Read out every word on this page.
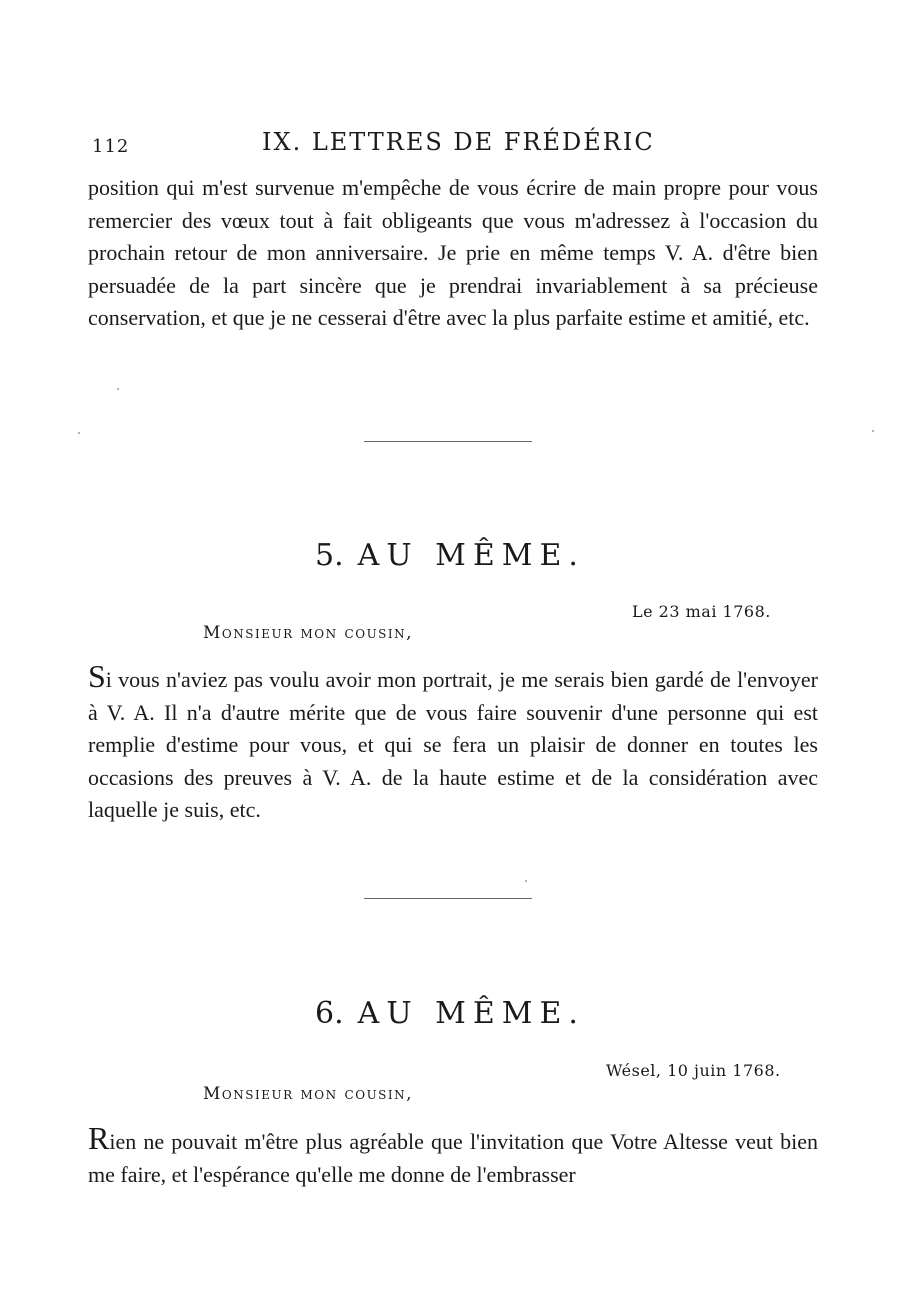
112	IX. LETTRES DE FRÉDÉRIC

position qui m'est survenue m'empêche de vous écrire de main propre pour vous remercier des vœux tout à fait obligeants que vous m'adressez à l'occasion du prochain retour de mon anniversaire. Je prie en même temps V. A. d'être bien persuadée de la part sincère que je prendrai invariablement à sa précieuse conservation, et que je ne cesserai d'être avec la plus parfaite estime et amitié, etc.

5. AU MÊME.
Le 23 mai 1768.
Monsieur mon cousin,

Si vous n'aviez pas voulu avoir mon portrait, je me serais bien gardé de l'envoyer à V. A. Il n'a d'autre mérite que de vous faire souvenir d'une personne qui est remplie d'estime pour vous, et qui se fera un plaisir de donner en toutes les occasions des preuves à V. A. de la haute estime et de la considération avec laquelle je suis, etc.

6. AU MÊME.
Wésel, 10 juin 1768.
Monsieur mon cousin,

Rien ne pouvait m'être plus agréable que l'invitation que Votre Altesse veut bien me faire, et l'espérance qu'elle me donne de l'embrasser
